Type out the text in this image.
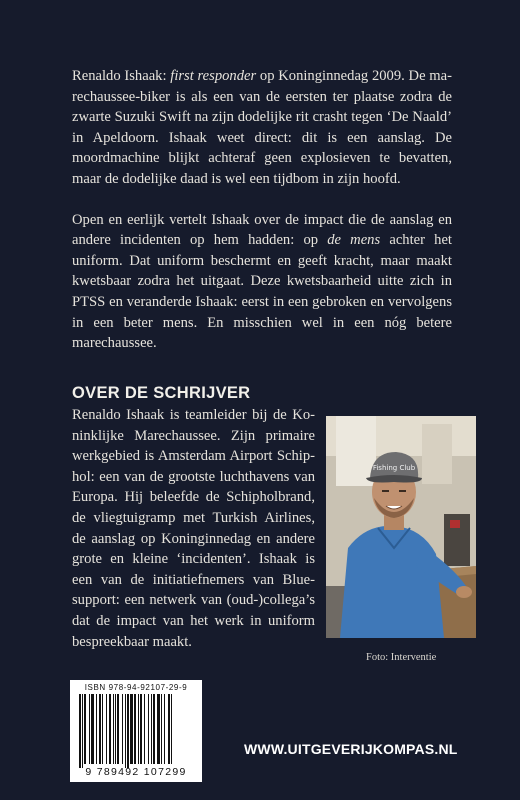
Renaldo Ishaak: first responder op Koninginnedag 2009. De marechaussee-biker is als een van de eersten ter plaatse zodra de zwarte Suzuki Swift na zijn dodelijke rit crasht tegen ‘De Naald’ in Apeldoorn. Ishaak weet direct: dit is een aanslag. De moordmachine blijkt achteraf geen explosieven te bevatten, maar de dodelijke daad is wel een tijdbom in zijn hoofd.

Open en eerlijk vertelt Ishaak over de impact die de aanslag en andere incidenten op hem hadden: op de mens achter het uniform. Dat uniform beschermt en geeft kracht, maar maakt kwetsbaar zodra het uitgaat. Deze kwetsbaarheid uitte zich in PTSS en veranderde Ishaak: eerst in een gebroken en vervolgens in een beter mens. En misschien wel in een nóg betere marechaussee.

OVER DE SCHRIJVER

Renaldo Ishaak is teamleider bij de Koninklijke Marechaussee. Zijn primaire werkgebied is Amsterdam Airport Schiphol: een van de grootste luchthavens van Europa. Hij beleefde de Schipholbrand, de vliegtuigramp met Turkish Airlines, de aanslag op Koninginnedag en andere grote en kleine ‘incidenten’. Ishaak is een van de initiatiefnemers van Bluesupport: een netwerk van (oud-)collega’s dat de impact van het werk in uniform bespreekbaar maakt.

Fishing Club

Foto: Interventie

ISBN 978-94-92107-29-9
9 789492 107299

WWW.UITGEVERIJKOMPAS.NL
